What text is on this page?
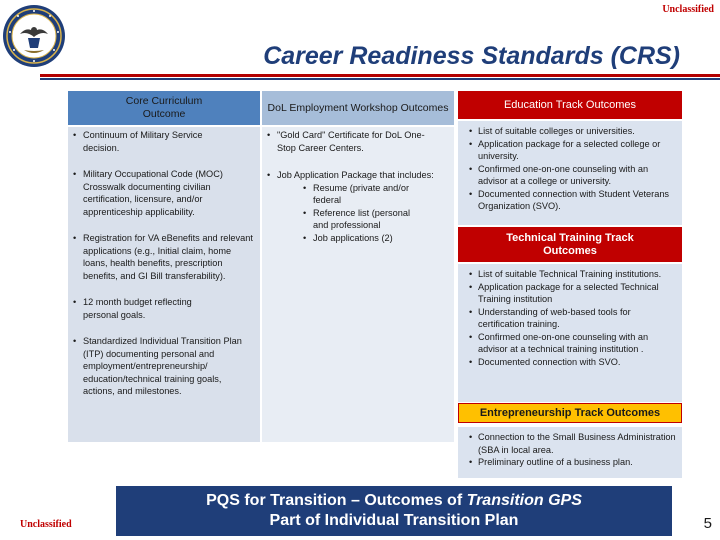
Unclassified
Career Readiness Standards (CRS)
Core Curriculum Outcome
• Continuum of Military Service decision.
• Military Occupational Code (MOC) Crosswalk documenting civilian certification, licensure, and/or apprenticeship applicability.
• Registration for VA eBenefits and relevant applications (e.g., Initial claim, home loans, health benefits, prescription benefits, and GI Bill transferability).
• 12 month budget reflecting personal goals.
• Standardized Individual Transition Plan (ITP) documenting personal and employment/entrepreneurship/ education/technical training goals, actions, and milestones.
DoL Employment Workshop Outcomes
• "Gold Card" Certificate for DoL One-Stop Career Centers.
• Job Application Package that includes:
• Resume (private and/or federal
• Reference list (personal and professional
• Job applications (2)
Education Track Outcomes
• List of suitable colleges or universities.
• Application package for a selected college or university.
• Confirmed one-on-one counseling with an advisor at a college or university.
• Documented connection with Student Veterans Organization (SVO).
Technical Training Track Outcomes
• List of suitable Technical Training institutions.
• Application package for a selected Technical Training institution
• Understanding of web-based tools for certification training.
• Confirmed one-on-one counseling with an advisor at a technical training institution .
• Documented connection with SVO.
Entrepreneurship Track Outcomes
• Connection to the Small Business Administration (SBA in local area.
• Preliminary outline of a business plan.
Unclassified
PQS for Transition – Outcomes of Transition GPS
Part of Individual Transition Plan	5
